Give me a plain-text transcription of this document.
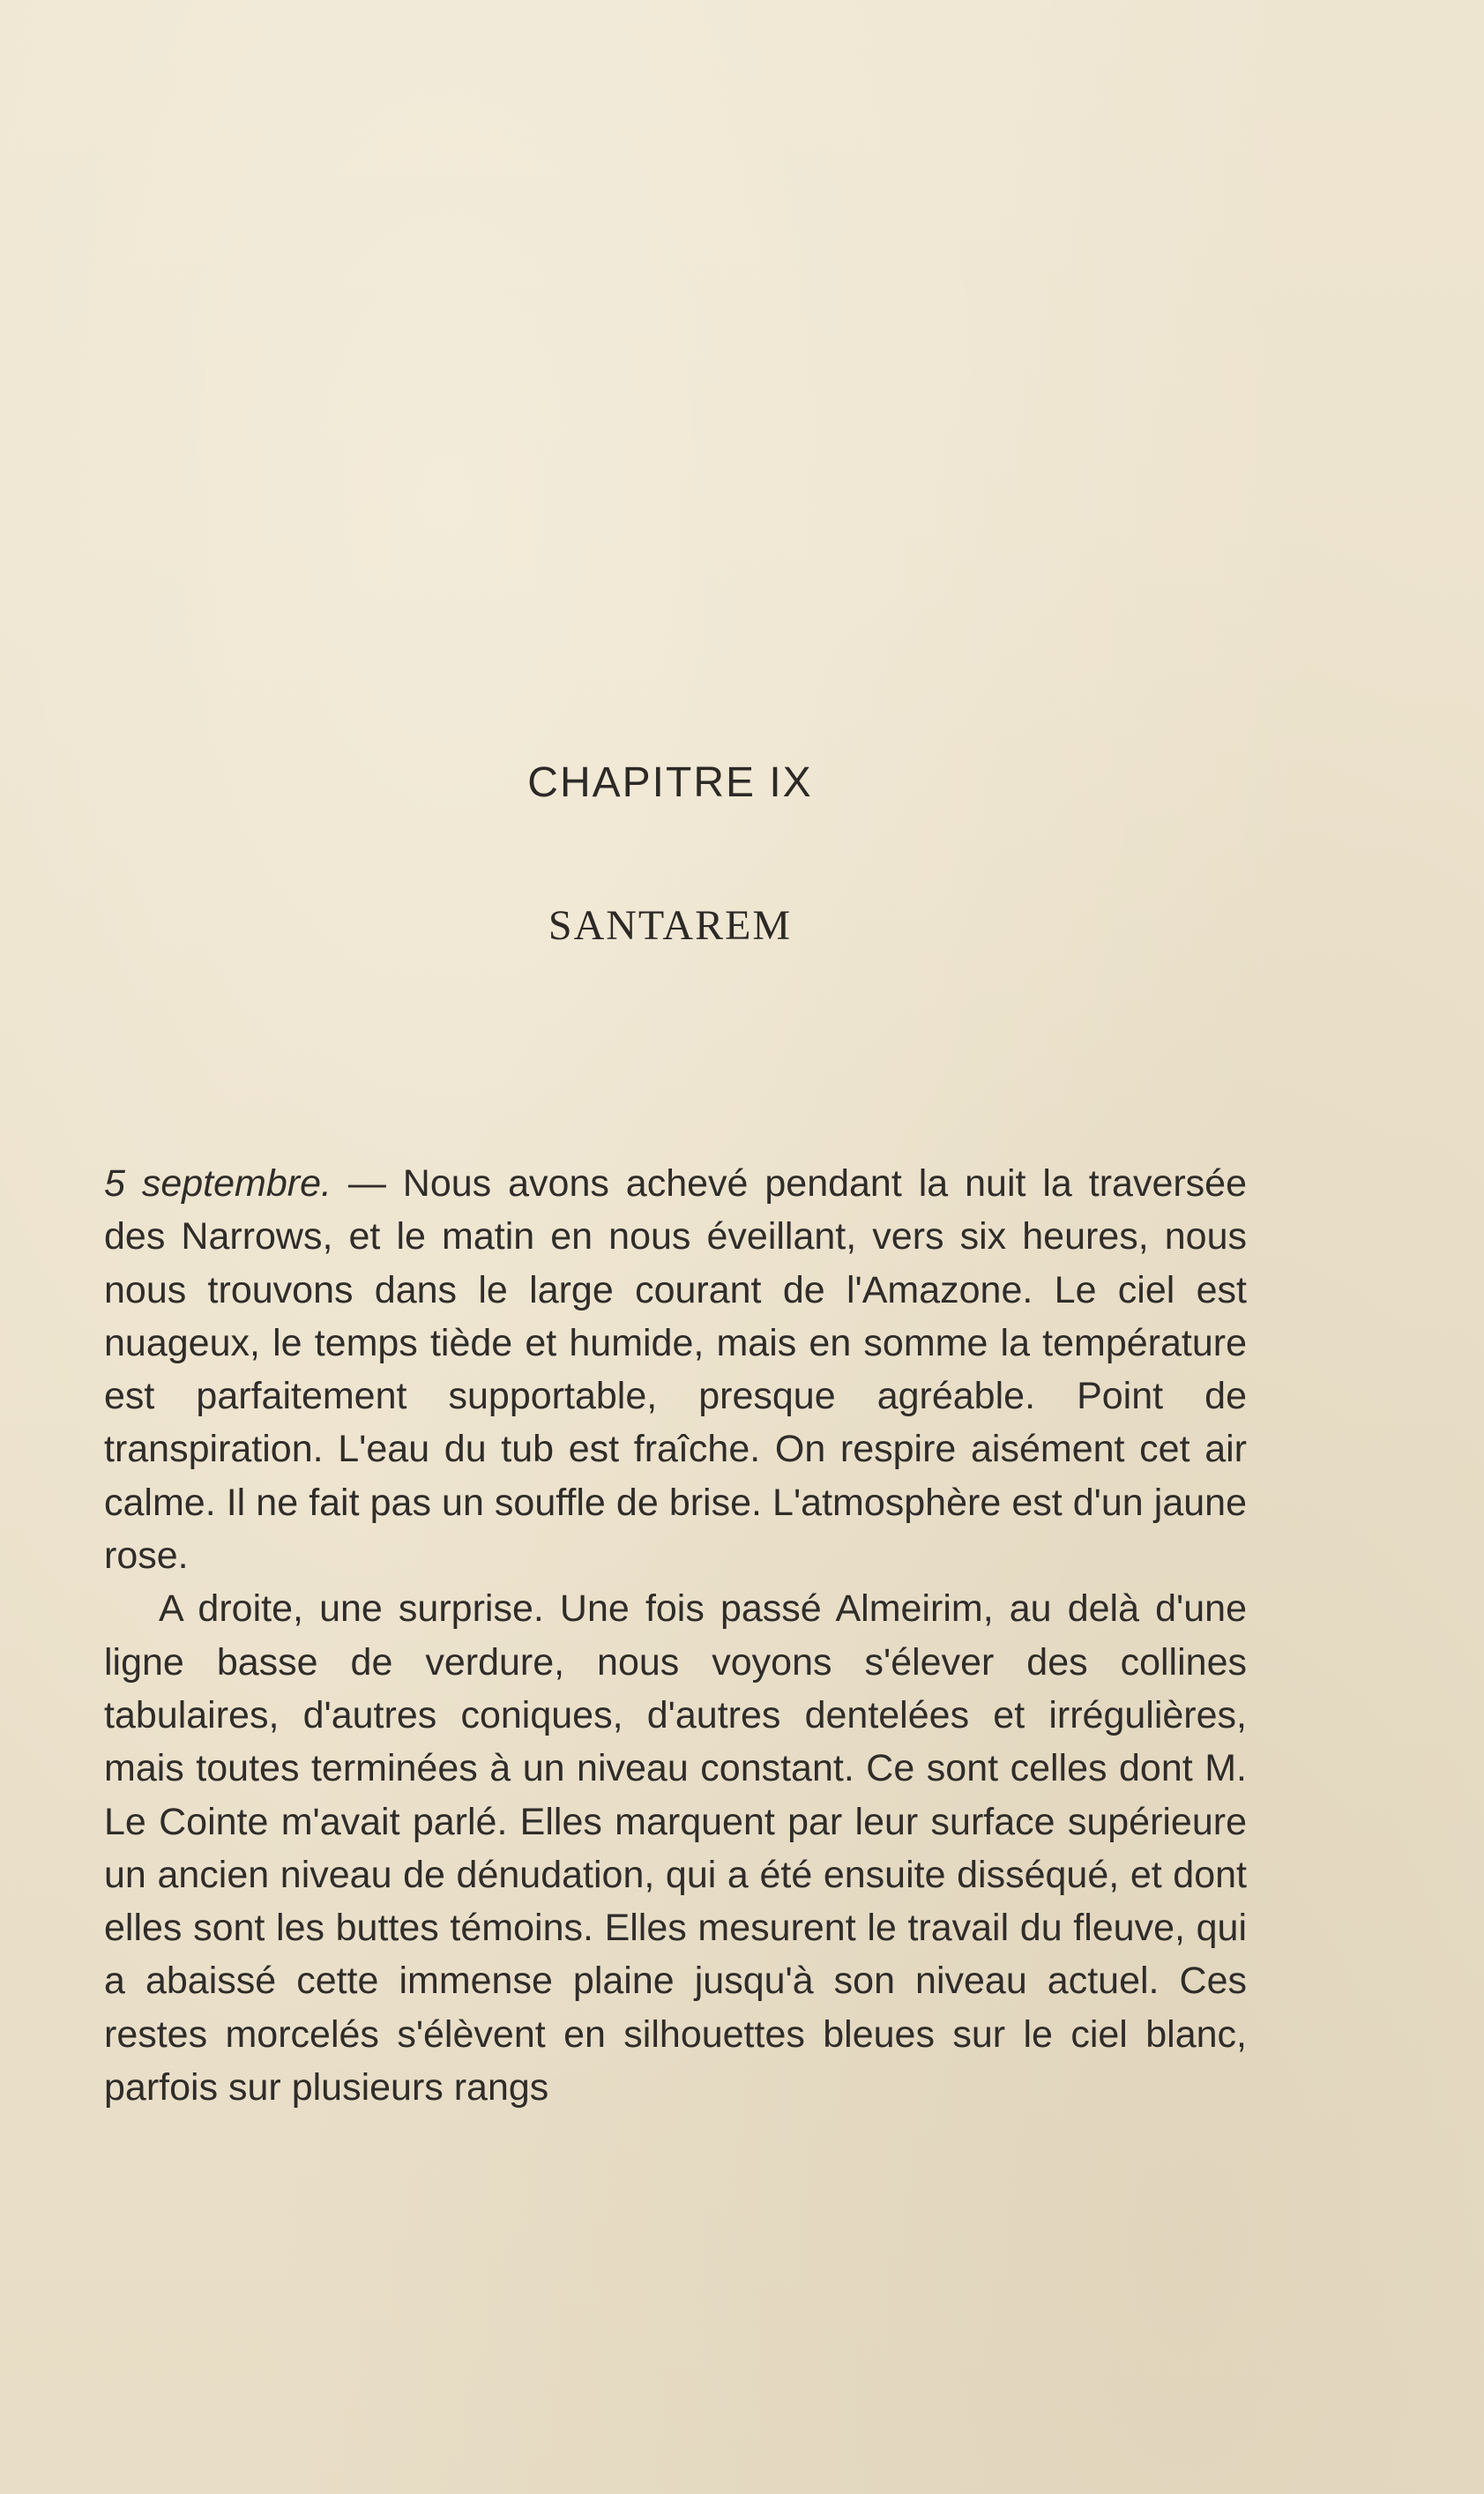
CHAPITRE IX
SANTAREM

5 septembre. — Nous avons achevé pendant la nuit la traversée des Narrows, et le matin en nous éveillant, vers six heures, nous nous trouvons dans le large courant de l'Amazone. Le ciel est nuageux, le temps tiède et humide, mais en somme la température est parfaitement supportable, presque agréable. Point de transpiration. L'eau du tub est fraîche. On respire aisément cet air calme. Il ne fait pas un souffle de brise. L'atmosphère est d'un jaune rose.

A droite, une surprise. Une fois passé Almeirim, au delà d'une ligne basse de verdure, nous voyons s'élever des collines tabulaires, d'autres coniques, d'autres dentelées et irrégulières, mais toutes terminées à un niveau constant. Ce sont celles dont M. Le Cointe m'avait parlé. Elles marquent par leur surface supérieure un ancien niveau de dénudation, qui a été ensuite disséqué, et dont elles sont les buttes témoins. Elles mesurent le travail du fleuve, qui a abaissé cette immense plaine jusqu'à son niveau actuel. Ces restes morcelés s'élèvent en silhouettes bleues sur le ciel blanc, parfois sur plusieurs rangs
